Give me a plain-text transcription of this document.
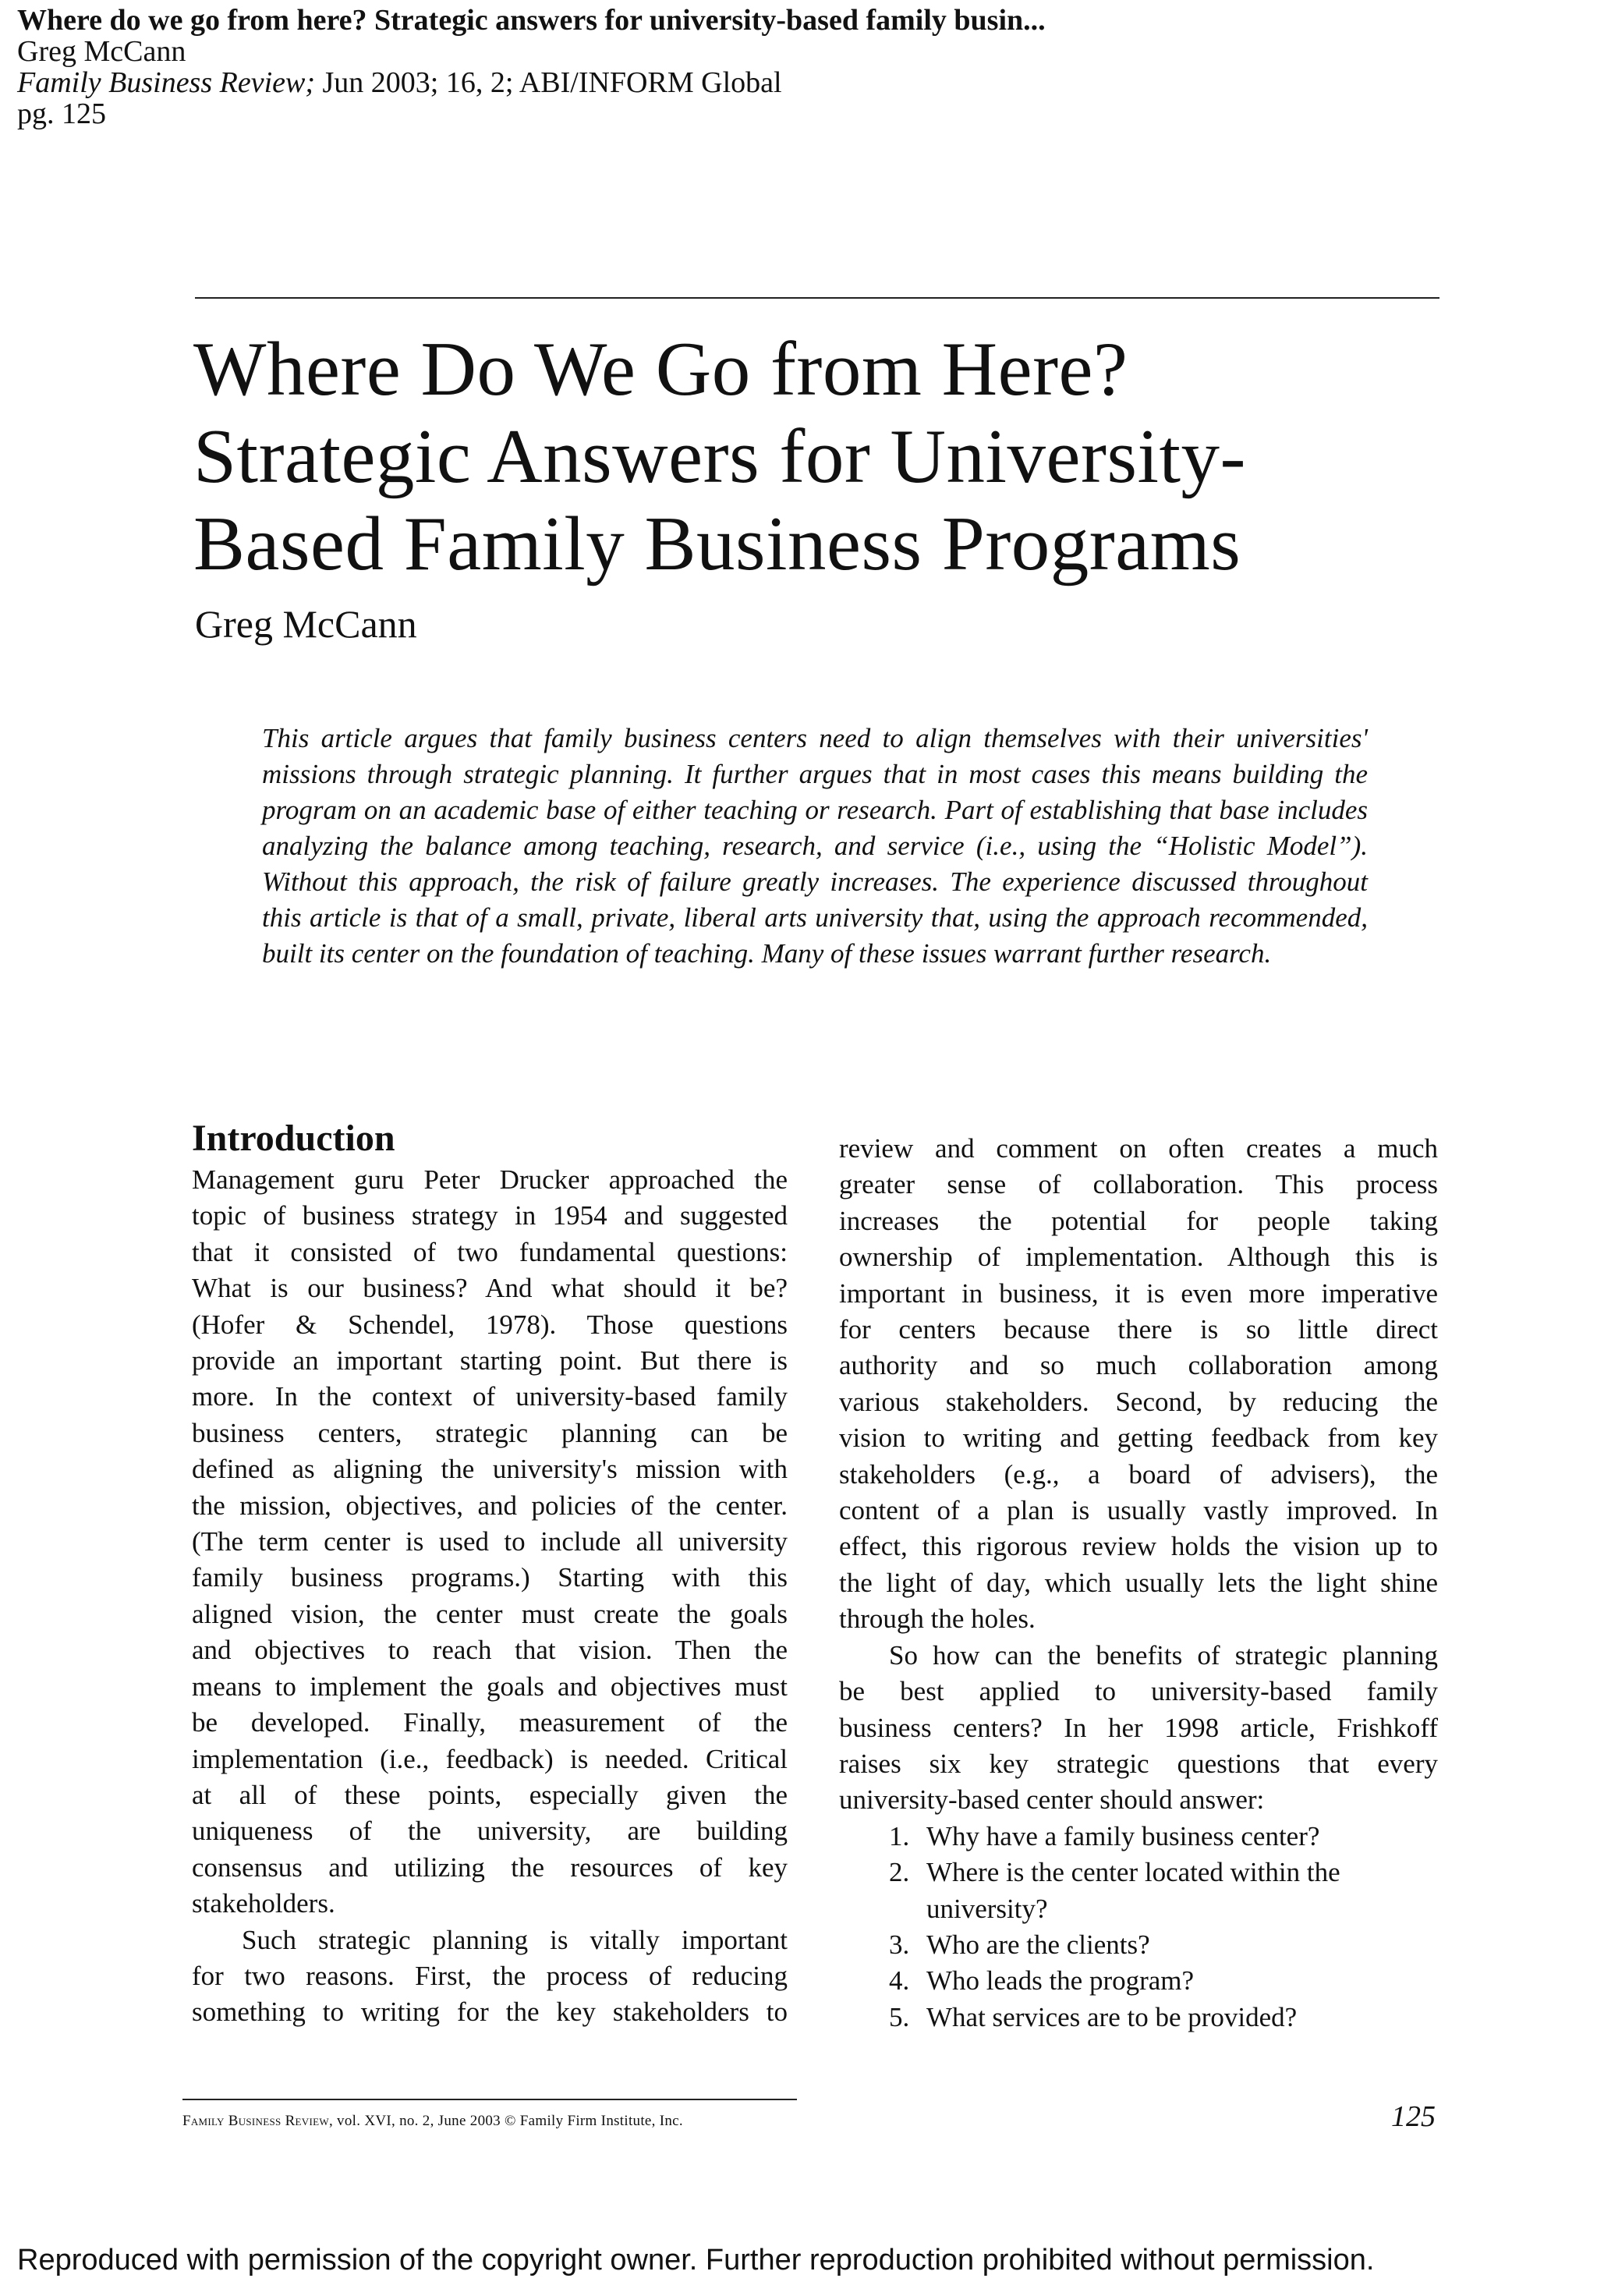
Where do we go from here? Strategic answers for university-based family busin...
Greg McCann
Family Business Review; Jun 2003; 16, 2; ABI/INFORM Global
pg. 125
Where Do We Go from Here?
Strategic Answers for University-
Based Family Business Programs
Greg McCann
This article argues that family business centers need to align themselves with their universities'
missions through strategic planning. It further argues that in most cases this means building the
program on an academic base of either teaching or research. Part of establishing that base includes
analyzing the balance among teaching, research, and service (i.e., using the “Holistic Model”).
Without this approach, the risk of failure greatly increases. The experience discussed throughout
this article is that of a small, private, liberal arts university that, using the approach recommended,
built its center on the foundation of teaching. Many of these issues warrant further research.
Introduction
Management guru Peter Drucker approached the
topic of business strategy in 1954 and suggested
that it consisted of two fundamental questions:
What is our business? And what should it be?
(Hofer & Schendel, 1978). Those questions
provide an important starting point. But there is
more. In the context of university-based family
business centers, strategic planning can be
defined as aligning the university's mission with
the mission, objectives, and policies of the center.
(The term center is used to include all university
family business programs.) Starting with this
aligned vision, the center must create the goals
and objectives to reach that vision. Then the
means to implement the goals and objectives must
be developed. Finally, measurement of the
implementation (i.e., feedback) is needed. Critical
at all of these points, especially given the
uniqueness of the university, are building
consensus and utilizing the resources of key
stakeholders.
Such strategic planning is vitally important
for two reasons. First, the process of reducing
something to writing for the key stakeholders to
review and comment on often creates a much
greater sense of collaboration. This process
increases the potential for people taking
ownership of implementation. Although this is
important in business, it is even more imperative
for centers because there is so little direct
authority and so much collaboration among
various stakeholders. Second, by reducing the
vision to writing and getting feedback from key
stakeholders (e.g., a board of advisers), the
content of a plan is usually vastly improved. In
effect, this rigorous review holds the vision up to
the light of day, which usually lets the light shine
through the holes.
So how can the benefits of strategic planning
be best applied to university-based family
business centers? In her 1998 article, Frishkoff
raises six key strategic questions that every
university-based center should answer:
1. Why have a family business center?
2. Where is the center located within the
university?
3. Who are the clients?
4. Who leads the program?
5. What services are to be provided?
Family Business Review, vol. XVI, no. 2, June 2003 © Family Firm Institute, Inc.	125
Reproduced with permission of the copyright owner. Further reproduction prohibited without permission.
